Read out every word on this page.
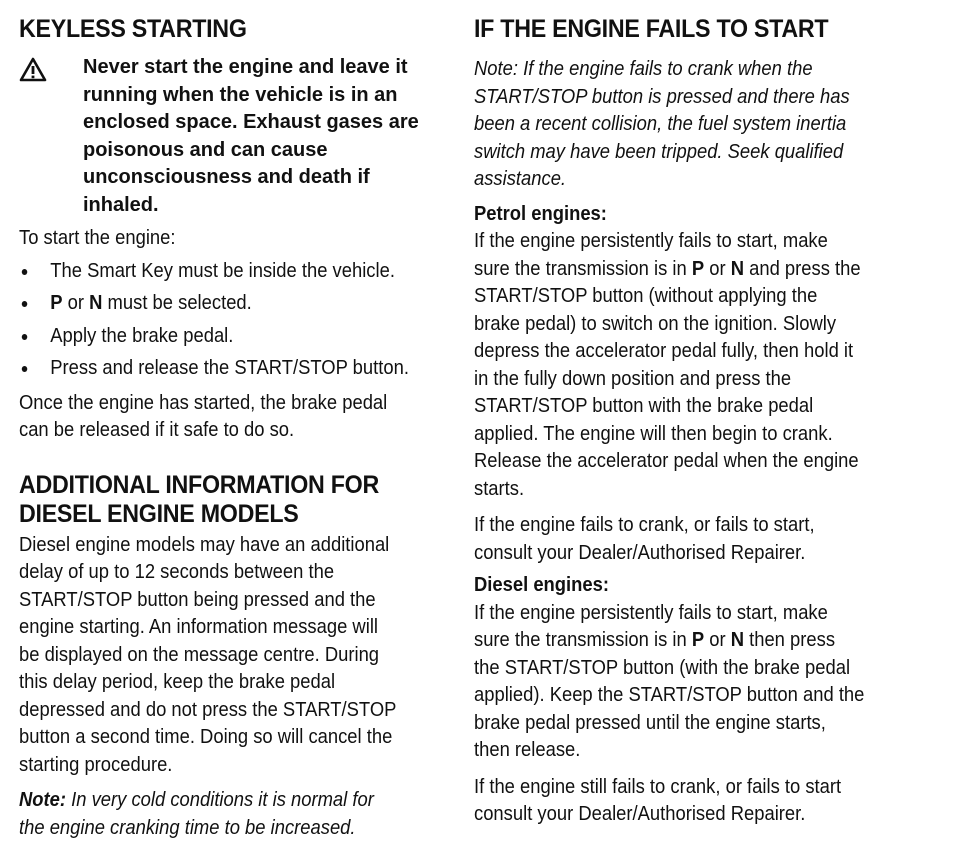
KEYLESS STARTING
Never start the engine and leave it
running when the vehicle is in an
enclosed space. Exhaust gases are
poisonous and can cause
unconsciousness and death if inhaled.

To start the engine:

The Smart Key must be inside the vehicle.
P or N must be selected.
Apply the brake pedal.
Press and release the START/STOP button.

Once the engine has started, the brake pedal
can be released if it safe to do so.

ADDITIONAL INFORMATION FOR
DIESEL ENGINE MODELS

Diesel engine models may have an additional
delay of up to 12 seconds between the
START/STOP button being pressed and the
engine starting. An information message will
be displayed on the message centre. During
this delay period, keep the brake pedal
depressed and do not press the START/STOP
button a second time. Doing so will cancel the
starting procedure.

Note: In very cold conditions it is normal for
the engine cranking time to be increased.

IF THE ENGINE FAILS TO START

Note: If the engine fails to crank when the
START/STOP button is pressed and there has
been a recent collision, the fuel system inertia
switch may have been tripped. Seek qualified
assistance.

Petrol engines:

If the engine persistently fails to start, make
sure the transmission is in P or N and press the
START/STOP button (without applying the
brake pedal) to switch on the ignition. Slowly
depress the accelerator pedal fully, then hold it
in the fully down position and press the
START/STOP button with the brake pedal
applied. The engine will then begin to crank.
Release the accelerator pedal when the engine
starts.

If the engine fails to crank, or fails to start,
consult your Dealer/Authorised Repairer.

Diesel engines:

If the engine persistently fails to start, make
sure the transmission is in P or N then press
the START/STOP button (with the brake pedal
applied). Keep the START/STOP button and the
brake pedal pressed until the engine starts,
then release.

If the engine still fails to crank, or fails to start
consult your Dealer/Authorised Repairer.
